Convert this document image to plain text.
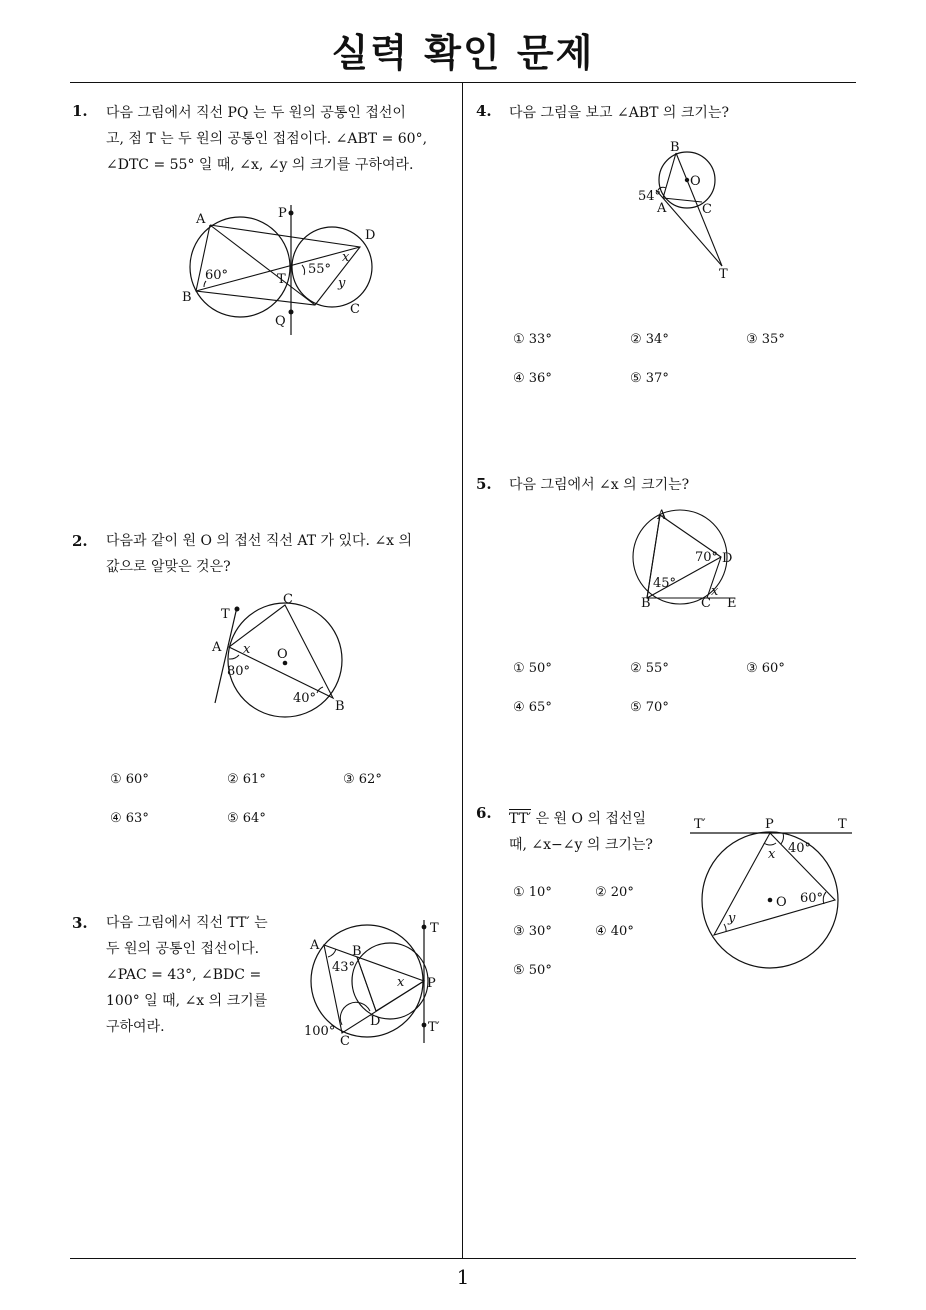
실력 확인 문제
1
1. 다음 그림에서 직선 PQ 는 두 원의 공통인 접선이

고, 점 T 는 두 원의 공통인 접점이다. ∠ABT = 60°,

∠DTC = 55° 일 때, ∠x, ∠y 의 크기를 구하여라.

A
B
C
D
P
Q
T
60°	55°
x
y
2. 다음과 같이 원 O 의 접선 직선 AT 가 있다. ∠x 의

값으로 알맞은 것은?

T
A
C
O
B
x
80°
40°
① 60°	② 61°	③ 62°
④ 63°	⑤ 64°
3. 다음 그림에서 직선 TT′ 는

두 원의 공통인 접선이다.

∠PAC = 43°, ∠BDC =

100° 일 때, ∠x 의 크기를

구하여라.

T
T′
A	B
C
D
P
x
43°
100°
4. 다음 그림을 보고 ∠ABT 의 크기는?

B
O
A	C
T
54°
① 33°	② 34°	③ 35°
④ 36°	⑤ 37°
5. 다음 그림에서 ∠x 의 크기는?

A
B	C
D
E
x
70°
45°
① 50°	② 55°	③ 60°
④ 65°	⑤ 70°
6. TT′ 은 원 O 의 접선일

때, ∠x−∠y 의 크기는?

① 10°	② 20°
③ 30°	④ 40°
⑤ 50°
T′	P	T
O
x
y
40°
60°
